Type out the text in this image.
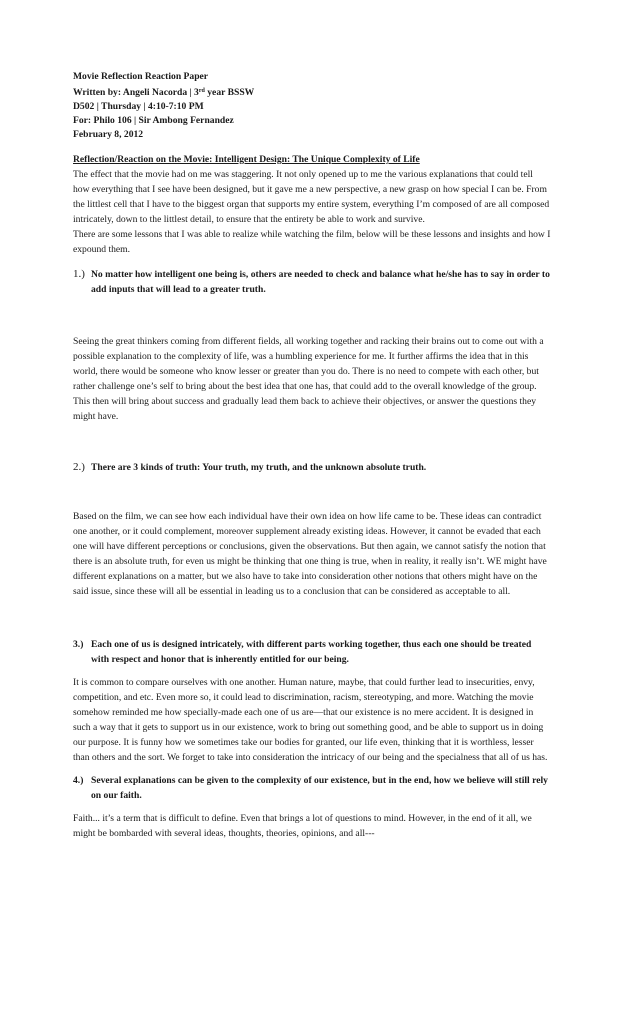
Movie Reflection Reaction Paper
Written by: Angeli Nacorda | 3rd year BSSW
D502 | Thursday | 4:10-7:10 PM
For: Philo 106 | Sir Ambong Fernandez
February 8, 2012
Reflection/Reaction on the Movie: Intelligent Design: The Unique Complexity of Life

The effect that the movie had on me was staggering. It not only opened up to me the various explanations that could tell how everything that I see have been designed, but it gave me a new perspective, a new grasp on how special I can be. From the littlest cell that I have to the biggest organ that supports my entire system, everything I’m composed of are all composed intricately, down to the littlest detail, to ensure that the entirety be able to work and survive.

There are some lessons that I was able to realize while watching the film, below will be these lessons and insights and how I expound them.

1.) No matter how intelligent one being is, others are needed to check and balance what he/she has to say in order to add inputs that will lead to a greater truth.

Seeing the great thinkers coming from different fields, all working together and racking their brains out to come out with a possible explanation to the complexity of life, was a humbling experience for me. It further affirms the idea that in this world, there would be someone who know lesser or greater than you do. There is no need to compete with each other, but rather challenge one’s self to bring about the best idea that one has, that could add to the overall knowledge of the group. This then will bring about success and gradually lead them back to achieve their objectives, or answer the questions they might have.

2.) There are 3 kinds of truth: Your truth, my truth, and the unknown absolute truth.

Based on the film, we can see how each individual have their own idea on how life came to be. These ideas can contradict one another, or it could complement, moreover supplement already existing ideas. However, it cannot be evaded that each one will have different perceptions or conclusions, given the observations. But then again, we cannot satisfy the notion that there is an absolute truth, for even us might be thinking that one thing is true, when in reality, it really isn’t. WE might have different explanations on a matter, but we also have to take into consideration other notions that others might have on the said issue, since these will all be essential in leading us to a conclusion that can be considered as acceptable to all.

3.) Each one of us is designed intricately, with different parts working together, thus each one should be treated with respect and honor that is inherently entitled for our being.

It is common to compare ourselves with one another. Human nature, maybe, that could further lead to insecurities, envy, competition, and etc. Even more so, it could lead to discrimination, racism, stereotyping, and more. Watching the movie somehow reminded me how specially-made each one of us are—that our existence is no mere accident. It is designed in such a way that it gets to support us in our existence, work to bring out something good, and be able to support us in doing our purpose. It is funny how we sometimes take our bodies for granted, our life even, thinking that it is worthless, lesser than others and the sort. We forget to take into consideration the intricacy of our being and the specialness that all of us has.

4.) Several explanations can be given to the complexity of our existence, but in the end, how we believe will still rely on our faith.

Faith... it’s a term that is difficult to define. Even that brings a lot of questions to mind. However, in the end of it all, we might be bombarded with several ideas, thoughts, theories, opinions, and all---
